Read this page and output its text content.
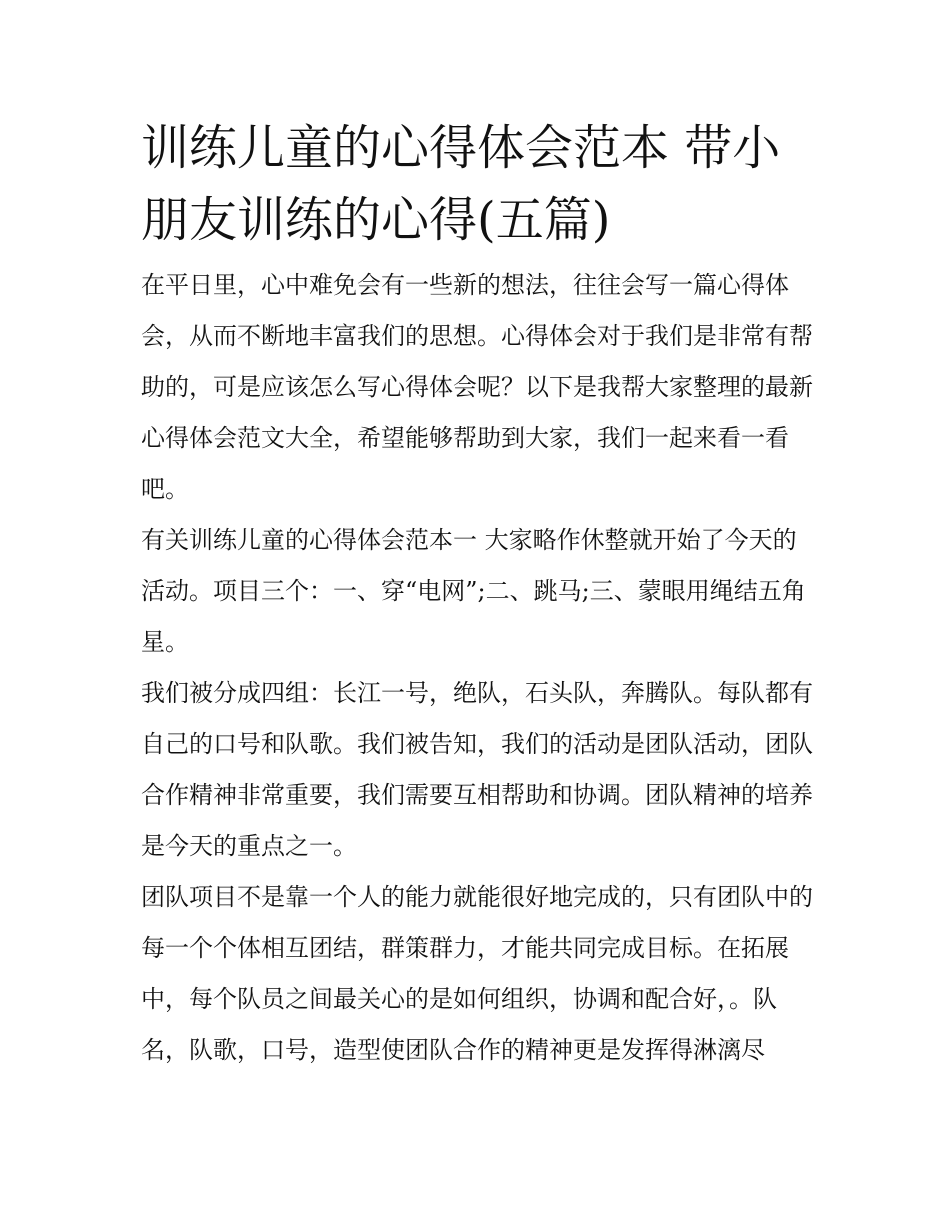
训练儿童的心得体会范本 带小朋友训练的心得(五篇)

在平日里，心中难免会有一些新的想法，往往会写一篇心得体会，从而不断地丰富我们的思想。心得体会对于我们是非常有帮助的，可是应该怎么写心得体会呢？以下是我帮大家整理的最新心得体会范文大全，希望能够帮助到大家，我们一起来看一看吧。

有关训练儿童的心得体会范本一 大家略作休整就开始了今天的活动。项目三个：一、穿“电网”;二、跳马;三、蒙眼用绳结五角星。

我们被分成四组：长江一号，绝队，石头队，奔腾队。每队都有自己的口号和队歌。我们被告知，我们的活动是团队活动，团队合作精神非常重要，我们需要互相帮助和协调。团队精神的培养是今天的重点之一。

团队项目不是靠一个人的能力就能很好地完成的，只有团队中的每一个个体相互团结，群策群力，才能共同完成目标。在拓展中，每个队员之间最关心的是如何组织，协调和配合好，。队名，队歌，口号，造型使团队合作的精神更是发挥得淋漓尽
